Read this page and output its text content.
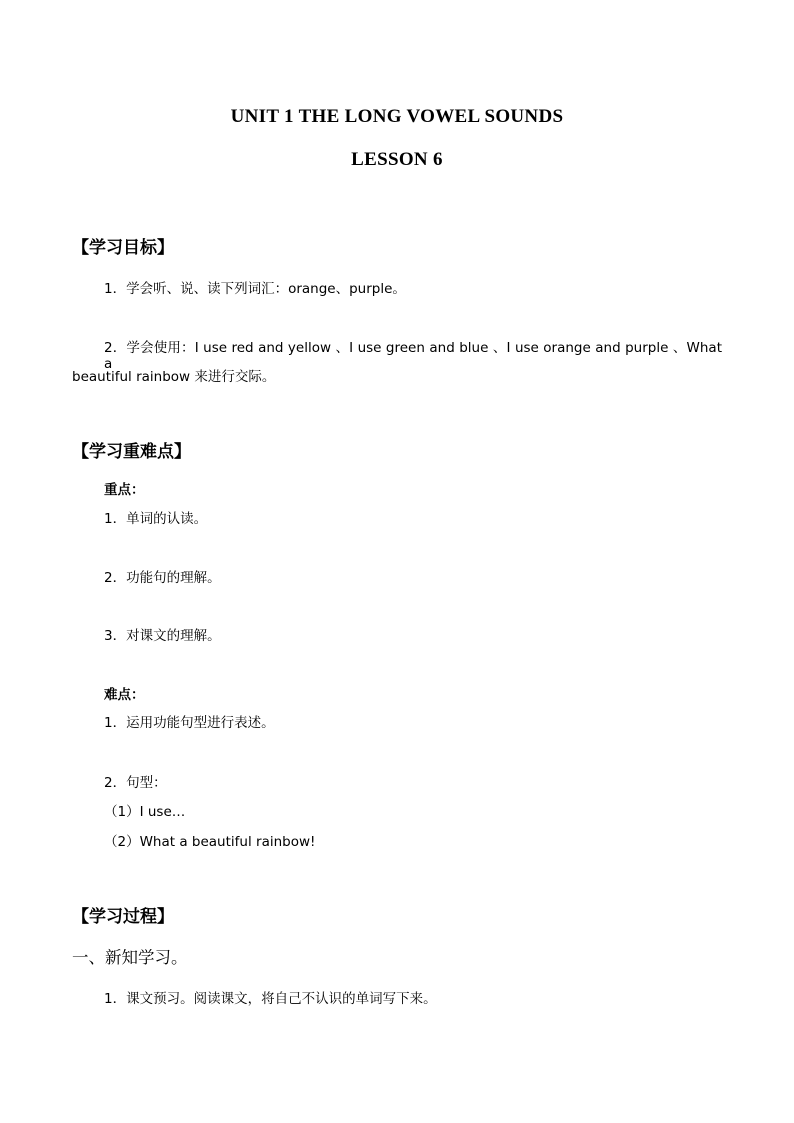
UNIT 1 THE LONG VOWEL SOUNDS
LESSON 6
【学习目标】
1．学会听、说、读下列词汇：orange、purple。
2．学会使用：I use red and yellow 、I use green and blue 、I use orange and purple 、What a
beautiful rainbow 来进行交际。
【学习重难点】
重点：
1．单词的认读。
2．功能句的理解。
3．对课文的理解。
难点：
1．运用功能句型进行表述。
2．句型：
（1）I use…
（2）What a beautiful rainbow!
【学习过程】
一、新知学习。
1．课文预习。阅读课文，将自己不认识的单词写下来。
